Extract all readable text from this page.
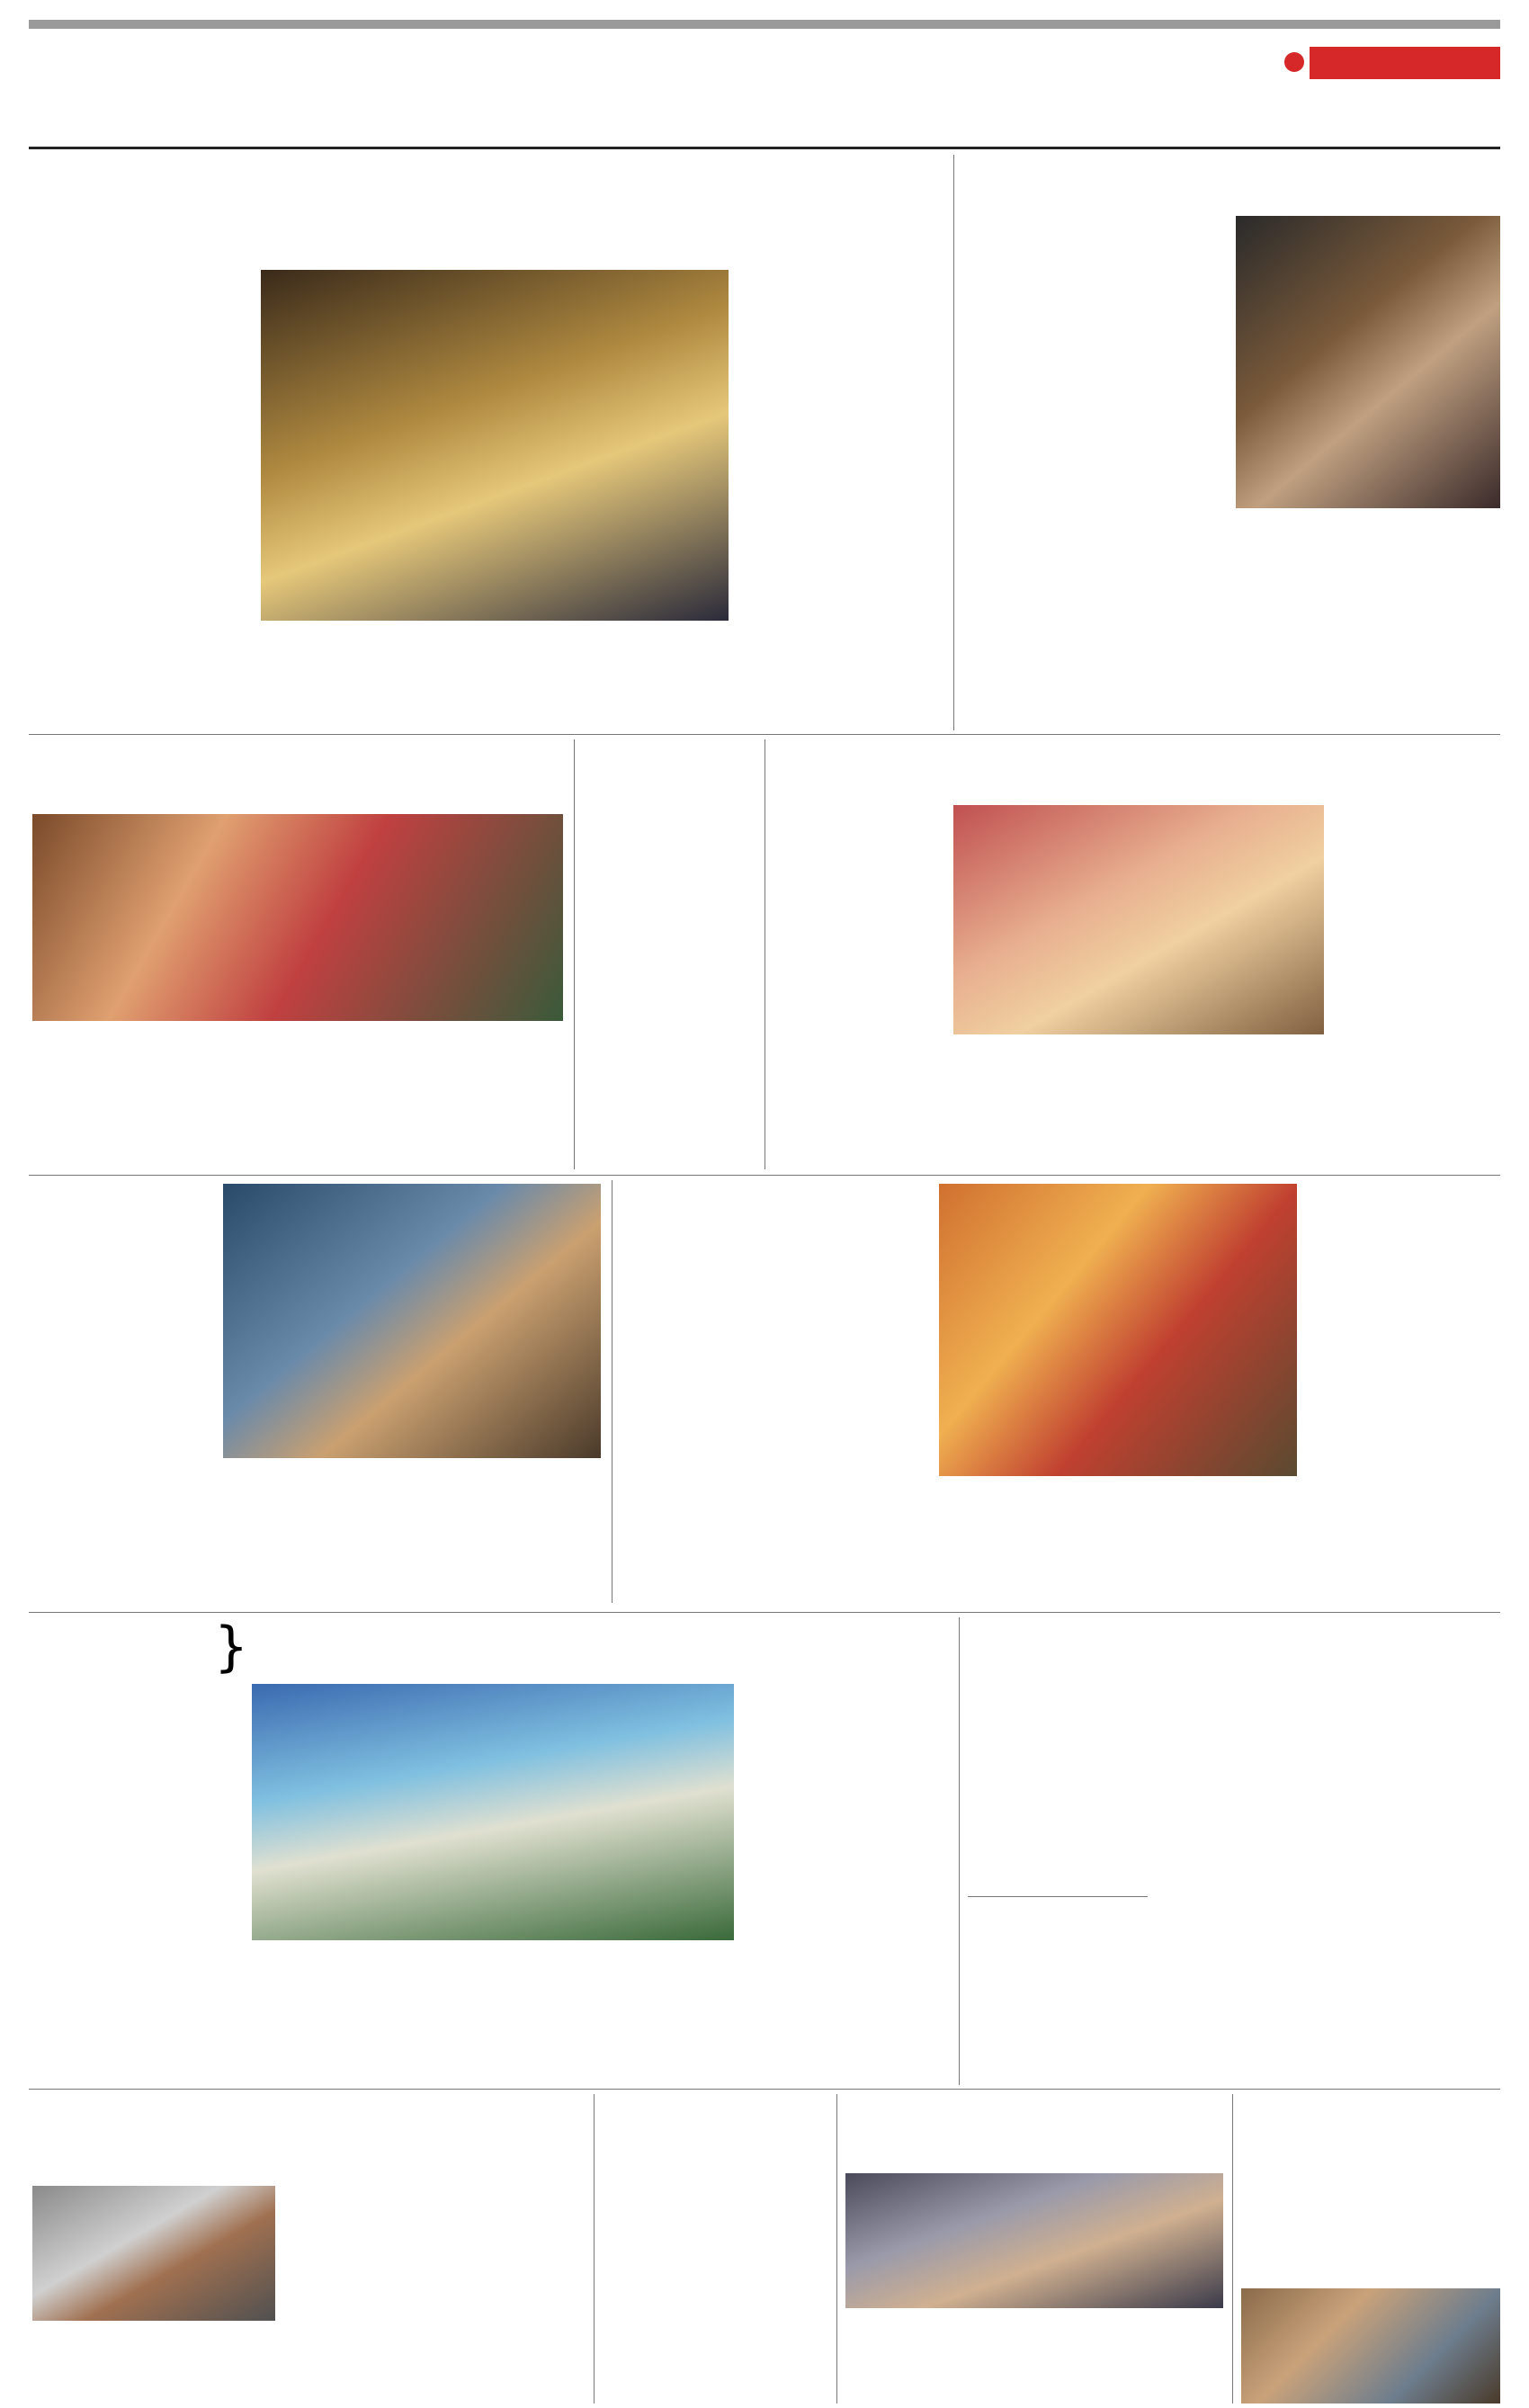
}
